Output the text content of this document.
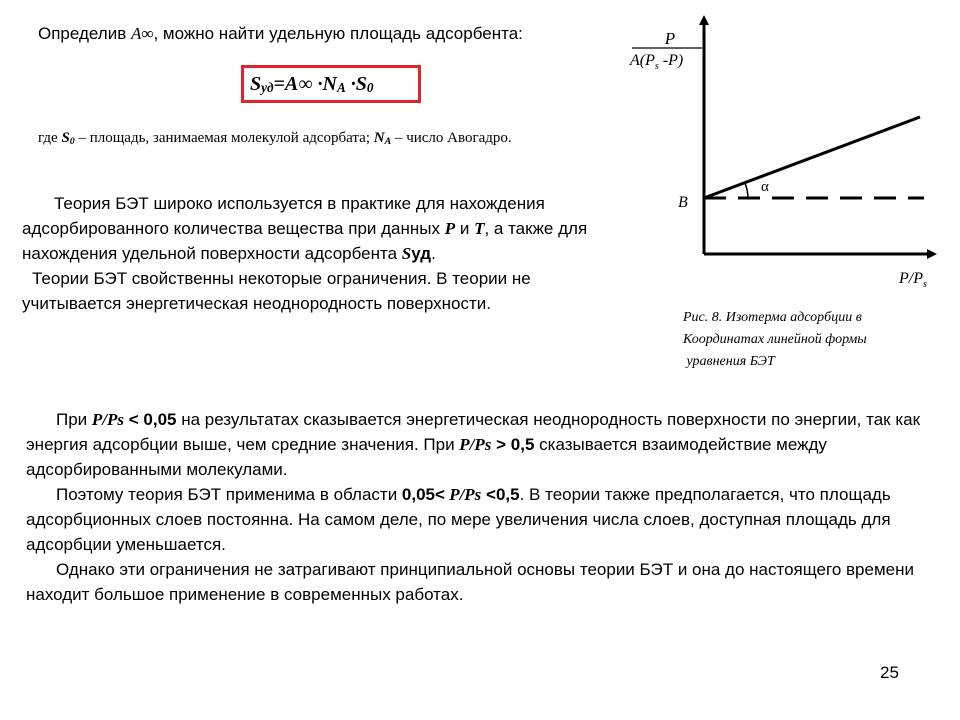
Определив A∞, можно найти удельную площадь адсорбента:
$S_{уд}=A\infty \cdot N_A \cdot S_0$
где $S_0$ – площадь, занимаемая молекулой адсорбата; $N_A$ – число Авогадро.

Теория БЭТ широко используется в практике для нахождения адсорбированного количества вещества при данных P и T, а также для нахождения удельной поверхности адсорбента Sуд.

Теории БЭТ свойственны некоторые ограничения. В теории не учитывается энергетическая неоднородность поверхности.

P
$A(P_s$ -P)
B
α
$P/P_s$
Рис. 8. Изотерма адсорбции в
Координатах линейной формы
уравнения БЭТ

При P/Ps < 0,05 на результатах сказывается энергетическая неоднородность поверхности по энергии, так как энергия адсорбции выше, чем средние значения. При P/Ps > 0,5 сказывается взаимодействие между адсорбированными молекулами.

Поэтому теория БЭТ применима в области 0,05< P/Ps <0,5. В теории также предполагается, что площадь адсорбционных слоев постоянна. На самом деле, по мере увеличения числа слоев, доступная площадь для адсорбции уменьшается.

Однако эти ограничения не затрагивают принципиальной основы теории БЭТ и она до настоящего времени находит большое применение в современных работах.

25
